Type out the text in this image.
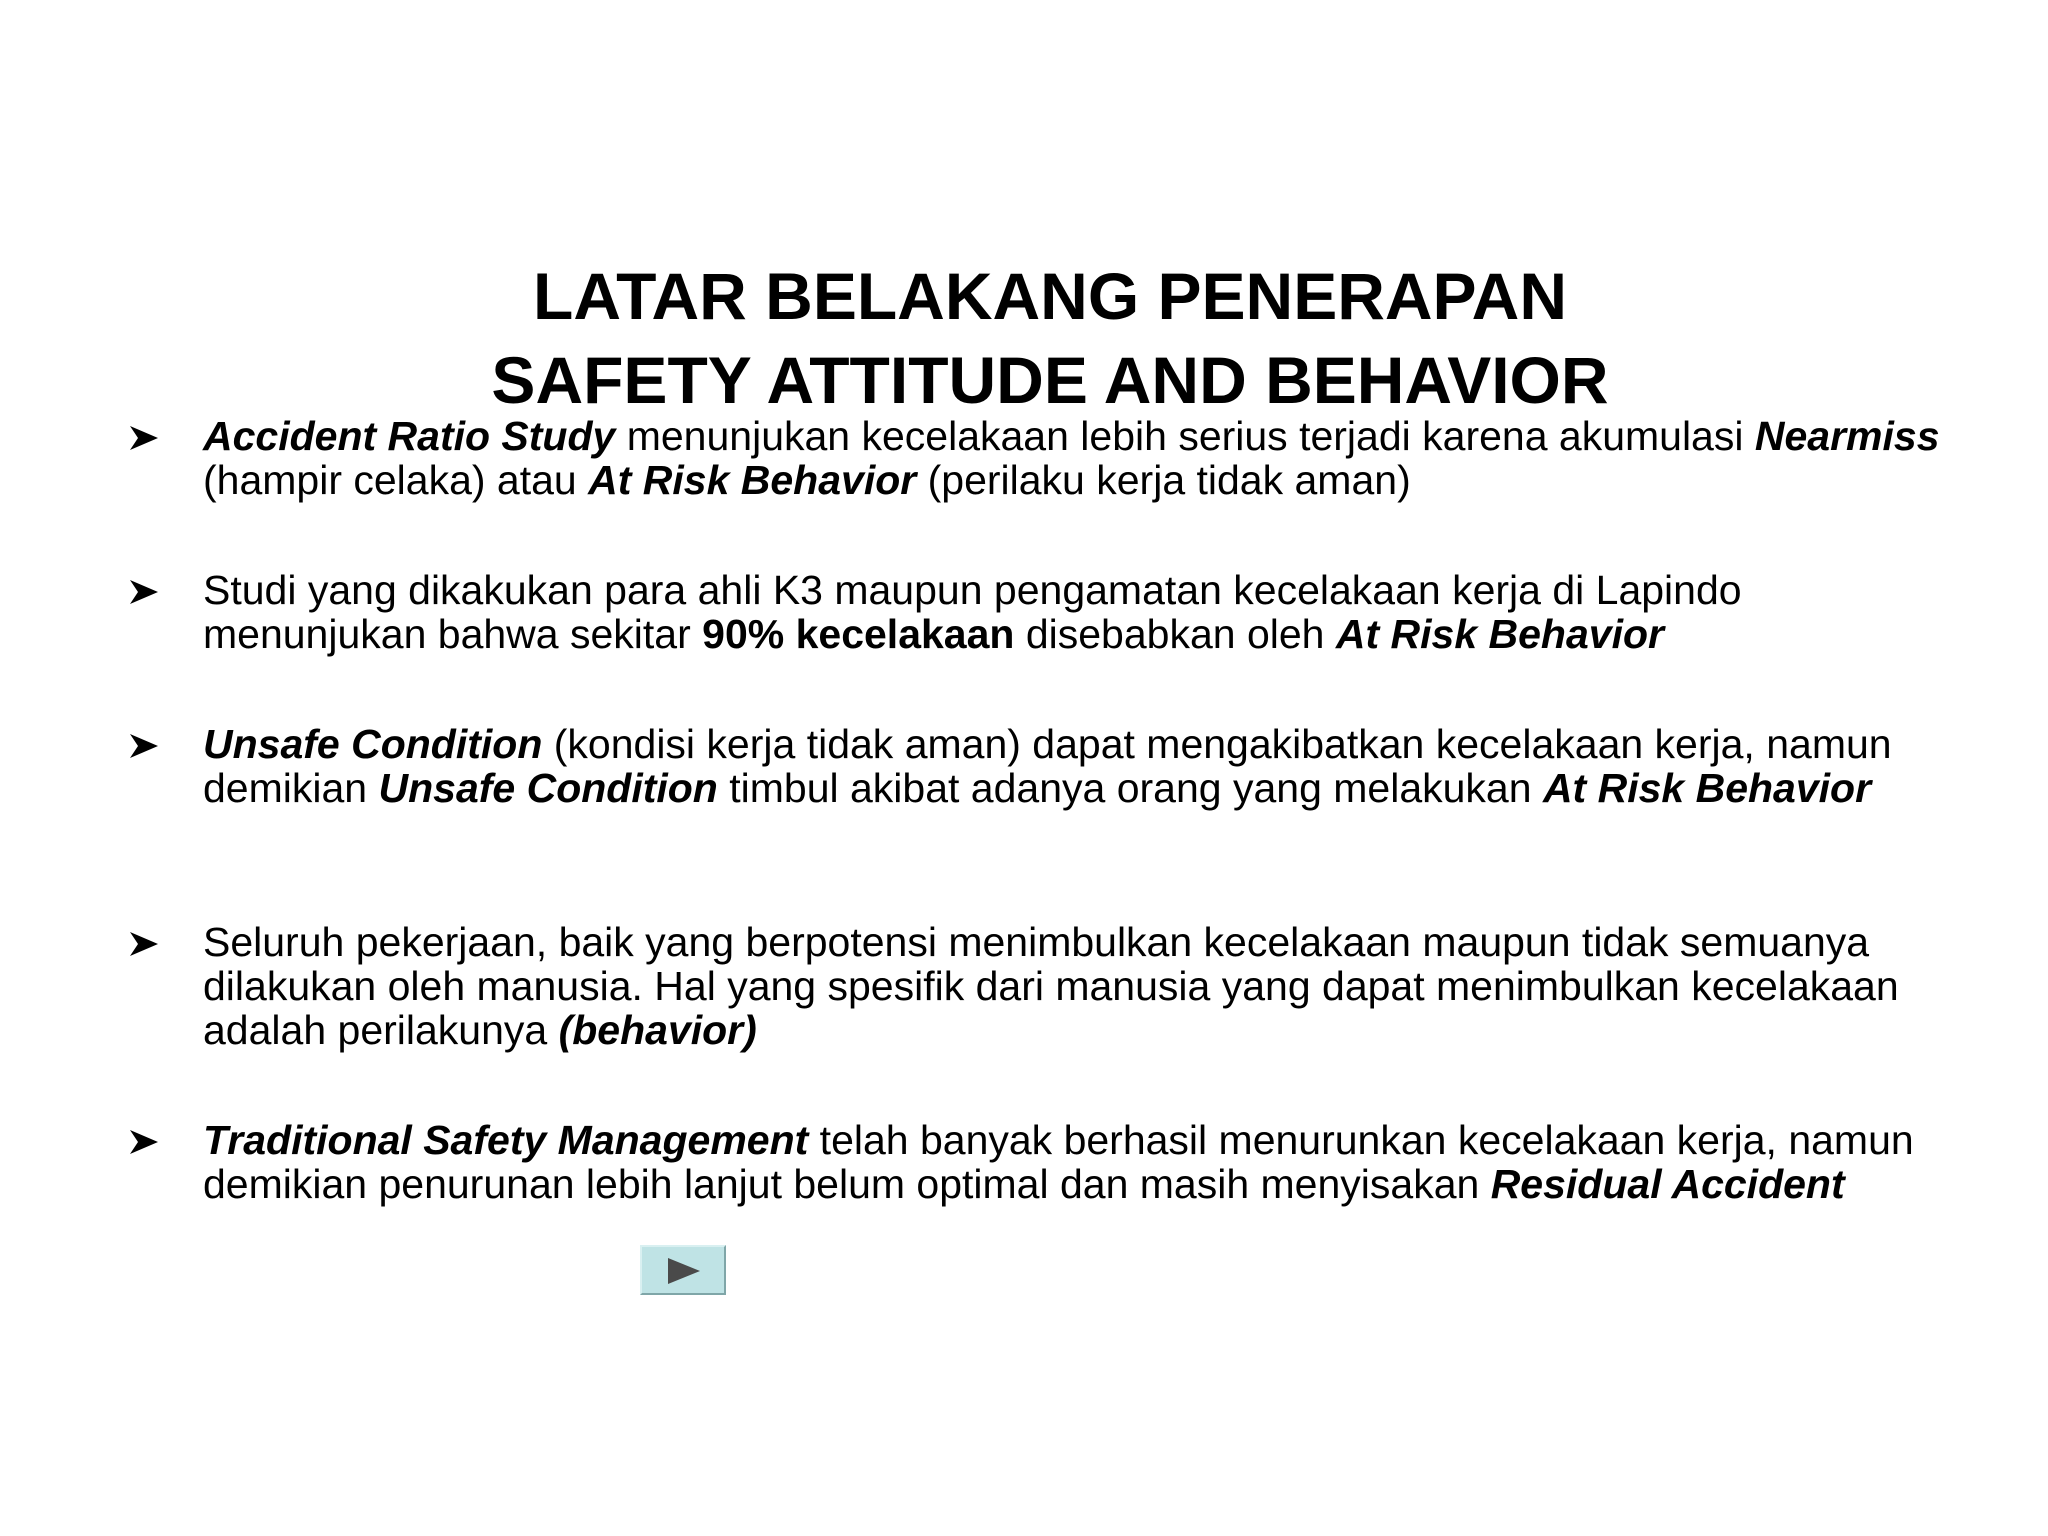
LATAR BELAKANG PENERAPAN
SAFETY ATTITUDE AND BEHAVIOR
Accident Ratio Study menunjukan kecelakaan lebih serius terjadi karena akumulasi Nearmiss (hampir celaka) atau At Risk Behavior (perilaku kerja tidak aman)
Studi yang dikakukan para ahli K3 maupun pengamatan kecelakaan kerja di Lapindo menunjukan bahwa sekitar 90% kecelakaan disebabkan oleh At Risk Behavior
Unsafe Condition (kondisi kerja tidak aman) dapat mengakibatkan kecelakaan kerja, namun demikian Unsafe Condition timbul akibat adanya orang yang melakukan At Risk Behavior
Seluruh pekerjaan, baik yang berpotensi menimbulkan kecelakaan maupun tidak semuanya dilakukan oleh manusia. Hal yang spesifik dari manusia yang dapat menimbulkan kecelakaan adalah perilakunya (behavior)
Traditional Safety Management telah banyak berhasil menurunkan kecelakaan kerja, namun demikian penurunan lebih lanjut belum optimal dan masih menyisakan Residual Accident
